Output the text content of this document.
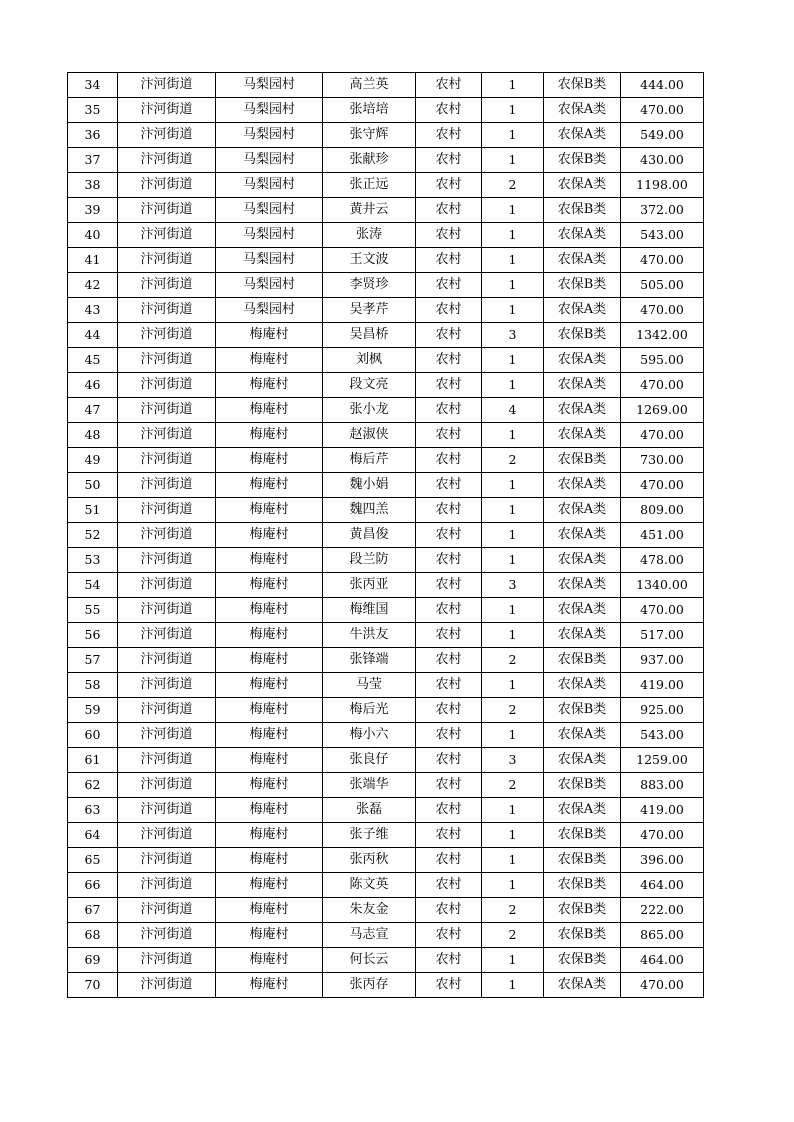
34	汴河街道	马梨园村	高兰英	农村	1	农保B类	444.00
35	汴河街道	马梨园村	张培培	农村	1	农保A类	470.00
36	汴河街道	马梨园村	张守辉	农村	1	农保A类	549.00
37	汴河街道	马梨园村	张献珍	农村	1	农保B类	430.00
38	汴河街道	马梨园村	张正远	农村	2	农保A类	1198.00
39	汴河街道	马梨园村	黄井云	农村	1	农保B类	372.00
40	汴河街道	马梨园村	张涛	农村	1	农保A类	543.00
41	汴河街道	马梨园村	王文波	农村	1	农保A类	470.00
42	汴河街道	马梨园村	李贤珍	农村	1	农保B类	505.00
43	汴河街道	马梨园村	吴孝芹	农村	1	农保A类	470.00
44	汴河街道	梅庵村	吴昌桥	农村	3	农保B类	1342.00
45	汴河街道	梅庵村	刘枫	农村	1	农保A类	595.00
46	汴河街道	梅庵村	段文亮	农村	1	农保A类	470.00
47	汴河街道	梅庵村	张小龙	农村	4	农保A类	1269.00
48	汴河街道	梅庵村	赵淑侠	农村	1	农保A类	470.00
49	汴河街道	梅庵村	梅后芹	农村	2	农保B类	730.00
50	汴河街道	梅庵村	魏小娟	农村	1	农保A类	470.00
51	汴河街道	梅庵村	魏四羔	农村	1	农保A类	809.00
52	汴河街道	梅庵村	黄昌俊	农村	1	农保A类	451.00
53	汴河街道	梅庵村	段兰防	农村	1	农保A类	478.00
54	汴河街道	梅庵村	张丙亚	农村	3	农保A类	1340.00
55	汴河街道	梅庵村	梅维国	农村	1	农保A类	470.00
56	汴河街道	梅庵村	牛洪友	农村	1	农保A类	517.00
57	汴河街道	梅庵村	张锋端	农村	2	农保B类	937.00
58	汴河街道	梅庵村	马莹	农村	1	农保A类	419.00
59	汴河街道	梅庵村	梅后光	农村	2	农保B类	925.00
60	汴河街道	梅庵村	梅小六	农村	1	农保A类	543.00
61	汴河街道	梅庵村	张良仔	农村	3	农保A类	1259.00
62	汴河街道	梅庵村	张端华	农村	2	农保B类	883.00
63	汴河街道	梅庵村	张磊	农村	1	农保A类	419.00
64	汴河街道	梅庵村	张子维	农村	1	农保B类	470.00
65	汴河街道	梅庵村	张丙秋	农村	1	农保B类	396.00
66	汴河街道	梅庵村	陈文英	农村	1	农保B类	464.00
67	汴河街道	梅庵村	朱友金	农村	2	农保B类	222.00
68	汴河街道	梅庵村	马志宣	农村	2	农保B类	865.00
69	汴河街道	梅庵村	何长云	农村	1	农保B类	464.00
70	汴河街道	梅庵村	张丙存	农村	1	农保A类	470.00
